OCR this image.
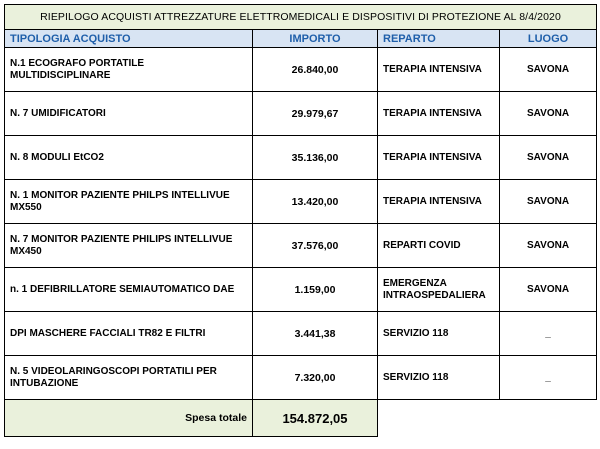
RIEPILOGO ACQUISTI ATTREZZATURE ELETTROMEDICALI E DISPOSITIVI DI PROTEZIONE AL 8/4/2020			
TIPOLOGIA ACQUISTO	IMPORTO	REPARTO	LUOGO
N.1 ECOGRAFO PORTATILE MULTIDISCIPLINARE	26.840,00	TERAPIA INTENSIVA	SAVONA
N. 7 UMIDIFICATORI	29.979,67	TERAPIA INTENSIVA	SAVONA
N. 8 MODULI EtCO2	35.136,00	TERAPIA INTENSIVA	SAVONA
N. 1 MONITOR PAZIENTE PHILPS INTELLIVUE MX550	13.420,00	TERAPIA INTENSIVA	SAVONA
N. 7 MONITOR PAZIENTE PHILIPS INTELLIVUE MX450	37.576,00	REPARTI COVID	SAVONA
n. 1 DEFIBRILLATORE SEMIAUTOMATICO DAE	1.159,00	EMERGENZA INTRAOSPEDALIERA	SAVONA
DPI MASCHERE FACCIALI TR82 E FILTRI	3.441,38	SERVIZIO 118	_
N. 5 VIDEOLARINGOSCOPI PORTATILI PER INTUBAZIONE	7.320,00	SERVIZIO 118	_
Spesa totale	154.872,05		
